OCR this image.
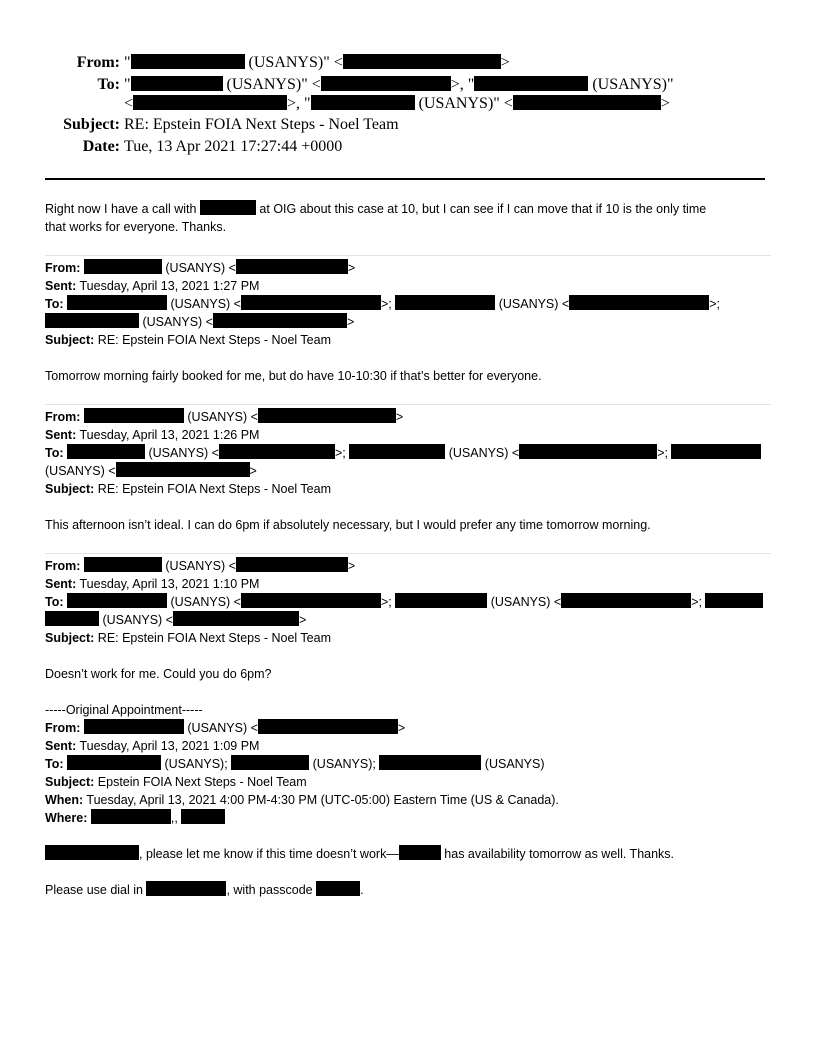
From: "	(USANYS)" <	>
To: "	(USANYS)" <	>, "	(USANYS)"
<	>, "	(USANYS)" <	>
Subject: RE: Epstein FOIA Next Steps - Noel Team
Date: Tue, 13 Apr 2021 17:27:44 +0000
Right now I have a call with	at OIG about this case at 10, but I can see if I can move that if 10 is the only time
that works for everyone. Thanks.
From:	(USANYS) <	>
Sent: Tuesday, April 13, 2021 1:27 PM
To:	(USANYS) <	>;	(USANYS) <	>;
(USANYS) <	>
Subject: RE: Epstein FOIA Next Steps - Noel Team
Tomorrow morning fairly booked for me, but do have 10-10:30 if that’s better for everyone.
From:	(USANYS) <	>
Sent: Tuesday, April 13, 2021 1:26 PM
To:	(USANYS) <	>;	(USANYS) <	>;
(USANYS) <	>
Subject: RE: Epstein FOIA Next Steps - Noel Team
This afternoon isn’t ideal. I can do 6pm if absolutely necessary, but I would prefer any time tomorrow morning.
From:	(USANYS) <	>
Sent: Tuesday, April 13, 2021 1:10 PM
To:	(USANYS) <	>;	(USANYS) <	>;
(USANYS) <	>
Subject: RE: Epstein FOIA Next Steps - Noel Team
Doesn’t work for me. Could you do 6pm?
-----Original Appointment-----
From:	(USANYS) <	>
Sent: Tuesday, April 13, 2021 1:09 PM
To:	(USANYS);	(USANYS);	(USANYS)
Subject: Epstein FOIA Next Steps - Noel Team
When: Tuesday, April 13, 2021 4:00 PM-4:30 PM (UTC-05:00) Eastern Time (US & Canada).
Where:	,,
, please let me know if this time doesn’t work—	has availability tomorrow as well. Thanks.
Please use dial in	, with passcode	.
